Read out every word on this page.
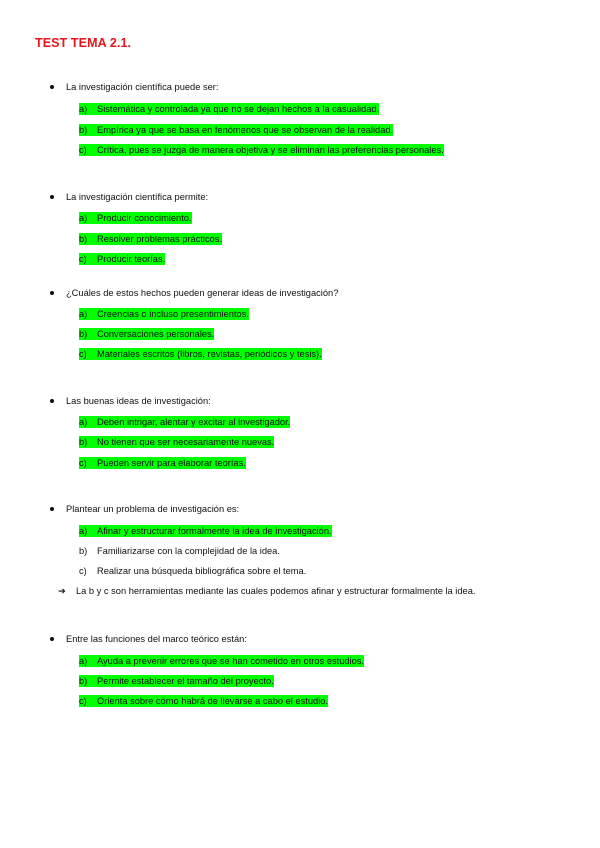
TEST TEMA 2.1.
La investigación científica puede ser:
a) Sistemática y controlada ya que no se dejan hechos a la casualidad.
b) Empírica ya que se basa en fenómenos que se observan de la realidad.
c) Crítica, pues se juzga de manera objetiva y se eliminan las preferencias personales.
La investigación científica permite:
a) Producir conocimiento.
b) Resolver problemas prácticos.
c) Producir teorías.
¿Cuáles de estos hechos pueden generar ideas de investigación?
a) Creencias o incluso presentimientos.
b) Conversaciones personales.
c) Materiales escritos (libros, revistas, periódicos y tesis).
Las buenas ideas de investigación:
a) Deben intrigar, alentar y excitar al investigador.
b) No tienen que ser necesariamente nuevas.
c) Pueden servir para elaborar teorías.
Plantear un problema de investigación es:
a) Afinar y estructurar formalmente la idea de investigación.
b) Familiarizarse con la complejidad de la idea.
c) Realizar una búsqueda bibliográfica sobre el tema.
➔ La b y c son herramientas mediante las cuales podemos afinar y estructurar formalmente la idea.
Entre las funciones del marco teórico están:
a) Ayuda a prevenir errores que se han cometido en otros estudios.
b) Permite establecer el tamaño del proyecto.
c) Orienta sobre cómo habrá de llevarse a cabo el estudio.
